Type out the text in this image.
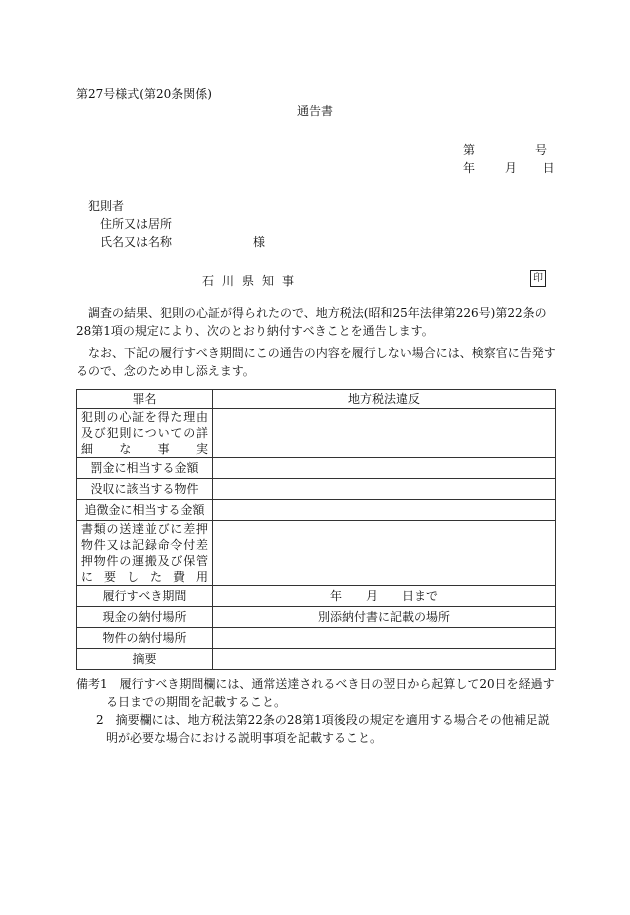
第27号様式(第20条関係)
通告書
第	号
年 月 日
犯則者
住所又は居所
氏名又は名称	様
石川県知事	印
　調査の結果、犯則の心証が得られたので、地方税法(昭和25年法律第226号)第22条の28第1項の規定により、次のとおり納付すべきことを通告します。
　なお、下記の履行すべき期間にこの通告の内容を履行しない場合には、検察官に告発するので、念のため申し添えます。
罪名	地方税法違反
犯則の心証を得た理由及び犯則についての詳細な事実	
罰金に相当する金額	
没収に該当する物件	
追徴金に相当する金額	
書類の送達並びに差押物件又は記録命令付差押物件の運搬及び保管に要した費用	
履行すべき期間	年　　月　　日まで
現金の納付場所	別添納付書に記載の場所
物件の納付場所	
摘要	
備考1　履行すべき期間欄には、通常送達されるべき日の翌日から起算して20日を経過する日までの期間を記載すること。
2　摘要欄には、地方税法第22条の28第1項後段の規定を適用する場合その他補足説明が必要な場合における説明事項を記載すること。
